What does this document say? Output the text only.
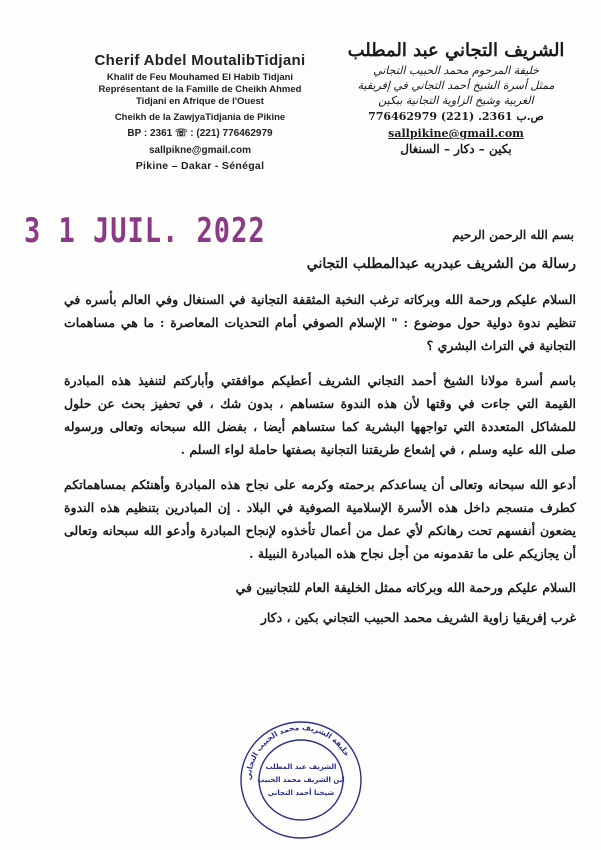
Cherif Abdel MoutalibTidjani
Khalif de Feu Mouhamed El Habib Tidjani
Représentant de la Famille de Cheikh Ahmed
Tidjani en Afrique de l'Ouest
Cheikh de la ZawjyaTidjania de Pikine
BP : 2361 ☏ : (221) 776462979
sallpikne@gmail.com
Pikine – Dakar - Sénégal
الشريف التجاني عبد المطلب
خليفة المرحوم محمد الحبيب التجاني
ممثل أسرة الشيخ أحمد التجاني في إفريقية
الغربية وشيخ الزاوية التجانية ببكين
ص.ب 2361. (221) 776462979
sallpikine@gmail.com
بكين – دكار – السنغال
3 1 JUIL. 2022	بسم الله الرحمن الرحيم
رسالة من الشريف عبدربه عبدالمطلب التجاني
السلام عليكم ورحمة الله وبركاته ترغب النخبة المثقفة التجانية في السنغال وفي العالم بأسره في تنظيم ندوة دولية حول موضوع : " الإسلام الصوفي أمام التحديات المعاصرة : ما هي مساهمات التجانية في التراث البشري ؟
باسم أسرة مولانا الشيخ أحمد التجاني الشريف أعطيكم موافقتي وأباركتم لتنفيذ هذه المبادرة القيمة التي جاءت في وقتها لأن هذه الندوة ستساهم ، بدون شك ، في تحفيز بحث عن حلول للمشاكل المتعددة التي تواجهها البشرية كما ستساهم أيضا ، بفضل الله سبحانه وتعالى ورسوله صلى الله عليه وسلم ، في إشعاع طريقتنا التجانية بصفتها حاملة لواء السلم .
أدعو الله سبحانه وتعالى أن يساعدكم برحمته وكرمه على نجاح هذه المبادرة وأهنئكم بمساهماتكم كطرف منسجم داخل هذه الأسرة الإسلامية الصوفية في البلاد . إن المبادرين بتنظيم هذه الندوة يضعون أنفسهم تحت رهانكم لأي عمل من أعمال تأخذوه لإنجاح المبادرة وأدعو الله سبحانه وتعالى أن يجازيكم على ما تقدمونه من أجل نجاح هذه المبادرة النبيلة .
السلام عليكم ورحمة الله وبركاته ممثل الخليفة العام للتجانيين في
غرب إفريقيا زاوية الشريف محمد الحبيب التجاني بكين ، دكار
خليفة الشريف محمد الحبيب التجاني
الشريف عبد المطلب
ابن الشريف محمد الحبيب
شيخنا أحمد التجاني
